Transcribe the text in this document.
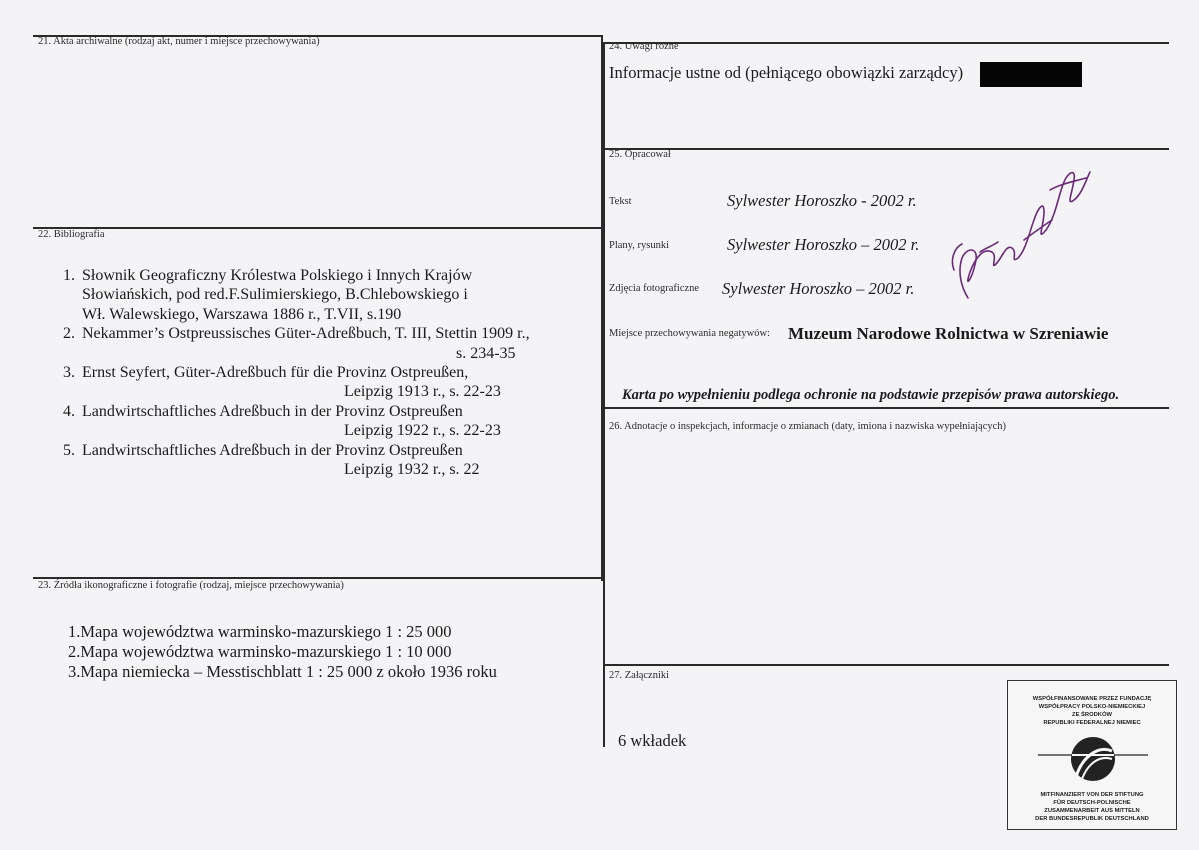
21. Akta archiwalne (rodzaj akt, numer i miejsce przechowywania)
22. Bibliografia
1. Słownik Geograficzny Królestwa Polskiego i Innych Krajów
Słowiańskich, pod red.F.Sulimierskiego, B.Chlebowskiego i
Wł. Walewskiego, Warszawa 1886 r., T.VII, s.190
2. Nekammer’s Ostpreussisches Güter-Adreßbuch, T. III, Stettin 1909 r.,
s. 234-35
3. Ernst Seyfert, Güter-Adreßbuch für die Provinz Ostpreußen,
Leipzig 1913 r., s. 22-23
4. Landwirtschaftliches Adreßbuch in der Provinz Ostpreußen
Leipzig 1922 r., s. 22-23
5. Landwirtschaftliches Adreßbuch in der Provinz Ostpreußen
Leipzig 1932 r., s. 22
23. Źródła ikonograficzne i fotografie (rodzaj, miejsce przechowywania)
1.Mapa województwa warminsko-mazurskiego 1 : 25 000
2.Mapa województwa warminsko-mazurskiego 1 : 10 000
3.Mapa niemiecka – Messtischblatt 1 : 25 000 z około 1936 roku
24. Uwagi różne
Informacje ustne od (pełniącego obowiązki zarządcy)
25. Opracował
Tekst	Sylwester Horoszko - 2002 r.
Plany, rysunki	Sylwester Horoszko – 2002 r.
Zdjęcia fotograficzne Sylwester Horoszko – 2002 r.
Miejsce przechowywania negatywów: Muzeum Narodowe Rolnictwa w Szreniawie
Karta po wypełnieniu podlega ochronie na podstawie przepisów prawa autorskiego.
26. Adnotacje o inspekcjach, informacje o zmianach (daty, imiona i nazwiska wypełniających)
27. Załączniki
6 wkładek
WSPÓŁFINANSOWANE PRZEZ FUNDACJĘ
WSPÓŁPRACY POLSKO-NIEMIECKIEJ
ZE ŚRODKÓW
REPUBLIKI FEDERALNEJ NIEMIEC
MITFINANZIERT VON DER STIFTUNG
FÜR DEUTSCH-POLNISCHE
ZUSAMMENARBEIT AUS MITTELN
DER BUNDESREPUBLIK DEUTSCHLAND
